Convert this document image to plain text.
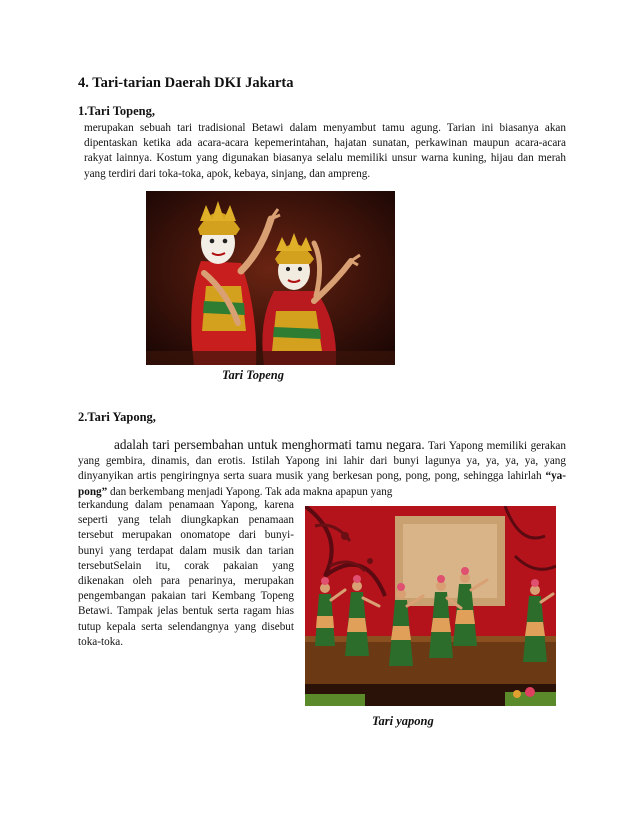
4. Tari-tarian Daerah DKI Jakarta
1.Tari Topeng,

merupakan sebuah tari tradisional Betawi dalam menyambut tamu agung. Tarian ini biasanya akan dipentaskan ketika ada acara-acara kepemerintahan, hajatan sunatan, perkawinan maupun acara-acara rakyat lainnya. Kostum yang digunakan biasanya selalu memiliki unsur warna kuning, hijau dan merah yang terdiri dari toka-toka, apok, kebaya, sinjang, dan ampreng.

Tari Topeng
2.Tari Yapong,

adalah tari persembahan untuk menghormati tamu negara. Tari Yapong memiliki gerakan yang gembira, dinamis, dan erotis. Istilah Yapong ini lahir dari bunyi lagunya ya, ya, ya, ya, yang dinyanyikan artis pengiringnya serta suara musik yang berkesan pong, pong, pong, sehingga lahirlah “ya-pong” dan berkembang menjadi Yapong. Tak ada makna apapun yang

terkandung dalam penamaan Yapong, karena seperti yang telah diungkapkan penamaan tersebut merupakan onomatope dari bunyi-bunyi yang terdapat dalam musik dan tarian tersebutSelain itu, corak pakaian yang dikenakan oleh para penarinya, merupakan pengembangan pakaian tari Kembang Topeng Betawi. Tampak jelas bentuk serta ragam hias tutup kepala serta selendangnya yang disebut toka-toka.

Tari yapong
